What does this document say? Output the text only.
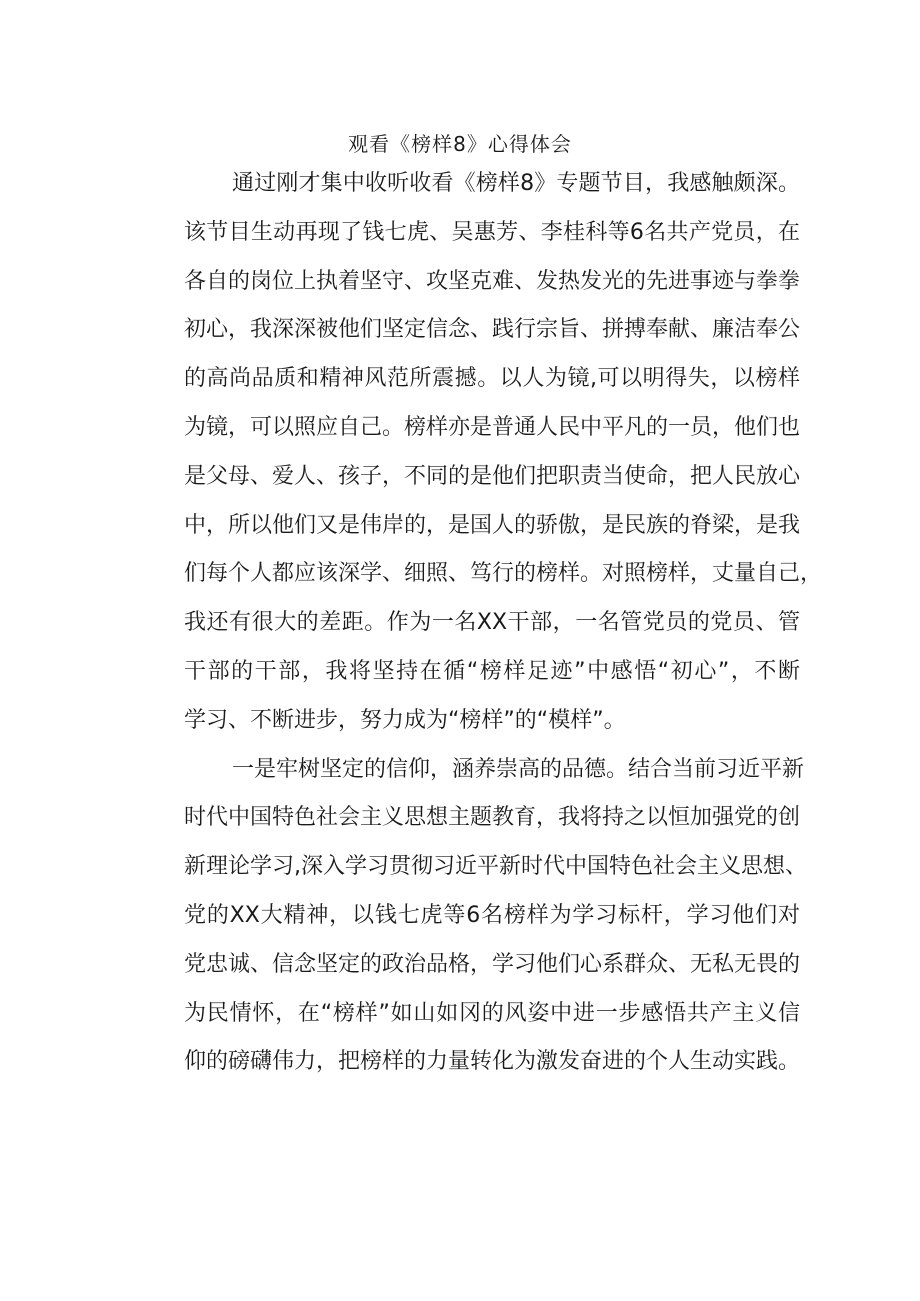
观看《榜样8》心得体会
通过刚才集中收听收看《榜样8》专题节目，我感触颇深。
该节目生动再现了钱七虎、吴惠芳、李桂科等6名共产党员，在
各自的岗位上执着坚守、攻坚克难、发热发光的先进事迹与拳拳
初心，我深深被他们坚定信念、践行宗旨、拼搏奉献、廉洁奉公
的高尚品质和精神风范所震撼。以人为镜,可以明得失，以榜样
为镜，可以照应自己。榜样亦是普通人民中平凡的一员，他们也
是父母、爱人、孩子，不同的是他们把职责当使命，把人民放心
中，所以他们又是伟岸的，是国人的骄傲，是民族的脊梁，是我
们每个人都应该深学、细照、笃行的榜样。对照榜样，丈量自己，
我还有很大的差距。作为一名XX干部，一名管党员的党员、管
干部的干部，我将坚持在循“榜样足迹”中感悟“初心”，不断
学习、不断进步，努力成为“榜样”的“模样”。
一是牢树坚定的信仰，涵养崇高的品德。结合当前习近平新
时代中国特色社会主义思想主题教育，我将持之以恒加强党的创
新理论学习,深入学习贯彻习近平新时代中国特色社会主义思想、
党的XX大精神，以钱七虎等6名榜样为学习标杆，学习他们对
党忠诚、信念坚定的政治品格，学习他们心系群众、无私无畏的
为民情怀，在“榜样”如山如冈的风姿中进一步感悟共产主义信
仰的磅礴伟力，把榜样的力量转化为激发奋进的个人生动实践。
